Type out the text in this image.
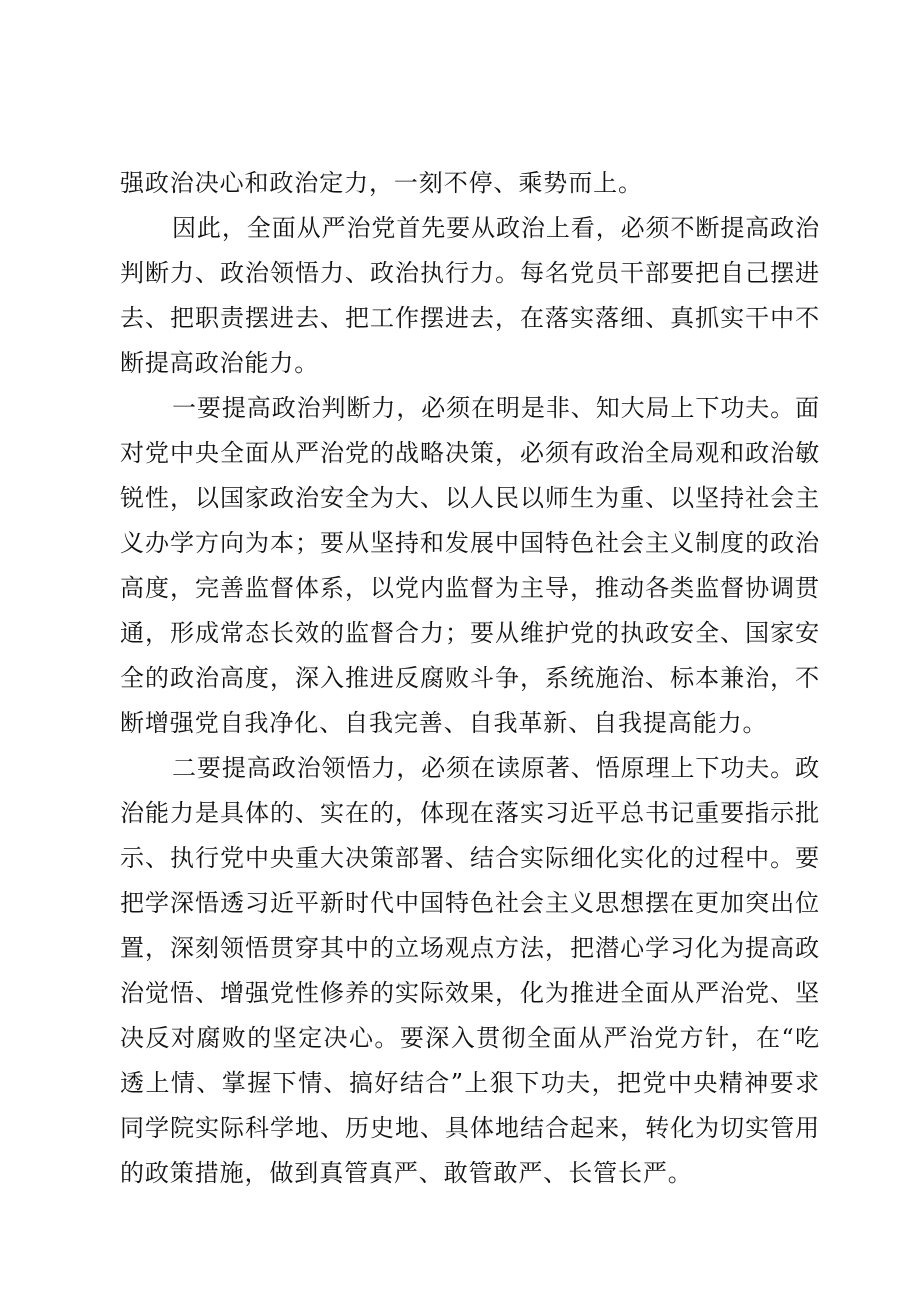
强政治决心和政治定力，一刻不停、乘势而上。

因此，全面从严治党首先要从政治上看，必须不断提高政治判断力、政治领悟力、政治执行力。每名党员干部要把自己摆进去、把职责摆进去、把工作摆进去，在落实落细、真抓实干中不断提高政治能力。

一要提高政治判断力，必须在明是非、知大局上下功夫。面对党中央全面从严治党的战略决策，必须有政治全局观和政治敏锐性，以国家政治安全为大、以人民以师生为重、以坚持社会主义办学方向为本；要从坚持和发展中国特色社会主义制度的政治高度，完善监督体系，以党内监督为主导，推动各类监督协调贯通，形成常态长效的监督合力；要从维护党的执政安全、国家安全的政治高度，深入推进反腐败斗争，系统施治、标本兼治，不断增强党自我净化、自我完善、自我革新、自我提高能力。

二要提高政治领悟力，必须在读原著、悟原理上下功夫。政治能力是具体的、实在的，体现在落实习近平总书记重要指示批示、执行党中央重大决策部署、结合实际细化实化的过程中。要把学深悟透习近平新时代中国特色社会主义思想摆在更加突出位置，深刻领悟贯穿其中的立场观点方法，把潜心学习化为提高政治觉悟、增强党性修养的实际效果，化为推进全面从严治党、坚决反对腐败的坚定决心。要深入贯彻全面从严治党方针，在“吃透上情、掌握下情、搞好结合”上狠下功夫，把党中央精神要求同学院实际科学地、历史地、具体地结合起来，转化为切实管用的政策措施，做到真管真严、敢管敢严、长管长严。
